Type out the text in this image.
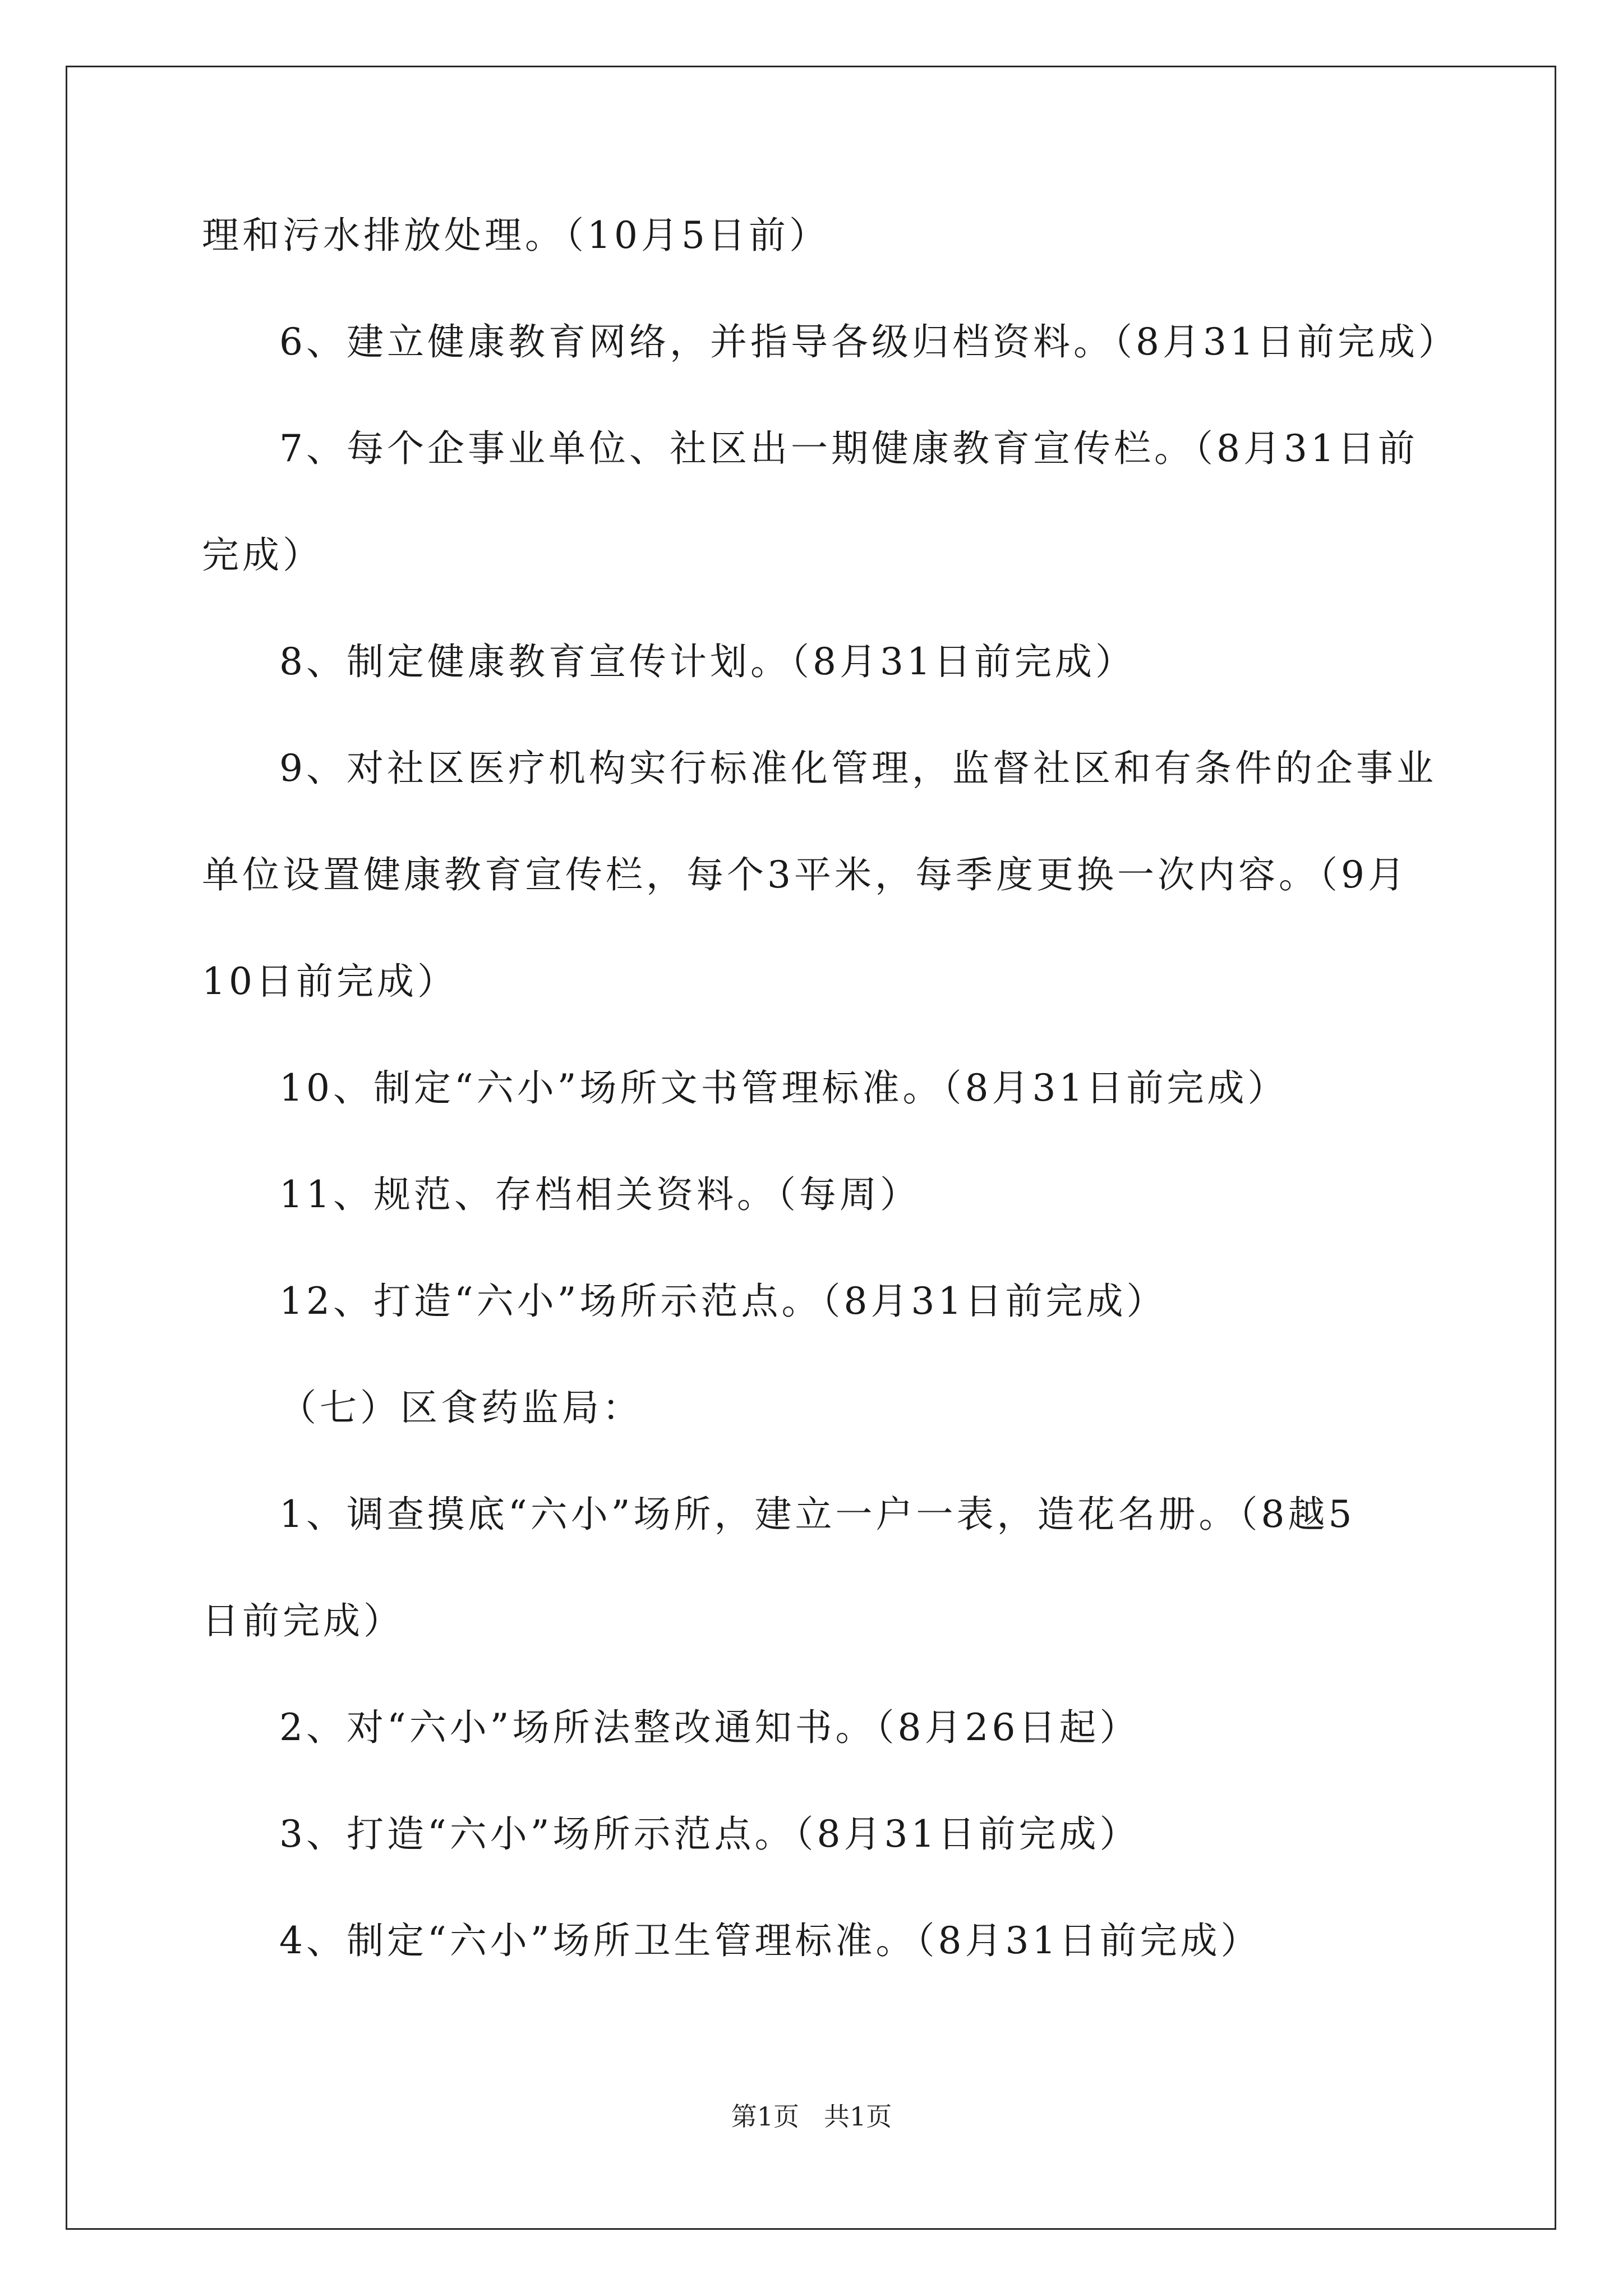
理和污水排放处理。（10月5日前）
6、建立健康教育网络，并指导各级归档资料。（8月31日前完成）
7、每个企事业单位、社区出一期健康教育宣传栏。（8月31日前
完成）
8、制定健康教育宣传计划。（8月31日前完成）
9、对社区医疗机构实行标准化管理，监督社区和有条件的企事业
单位设置健康教育宣传栏，每个3平米，每季度更换一次内容。（9月
10日前完成）
10、制定“六小”场所文书管理标准。（8月31日前完成）
11、规范、存档相关资料。（每周）
12、打造“六小”场所示范点。（8月31日前完成）
（七）区食药监局：
1、调查摸底“六小”场所，建立一户一表，造花名册。（8越5
日前完成）
2、对“六小”场所法整改通知书。（8月26日起）
3、打造“六小”场所示范点。（8月31日前完成）
4、制定“六小”场所卫生管理标准。（8月31日前完成）
第1页 共1页
